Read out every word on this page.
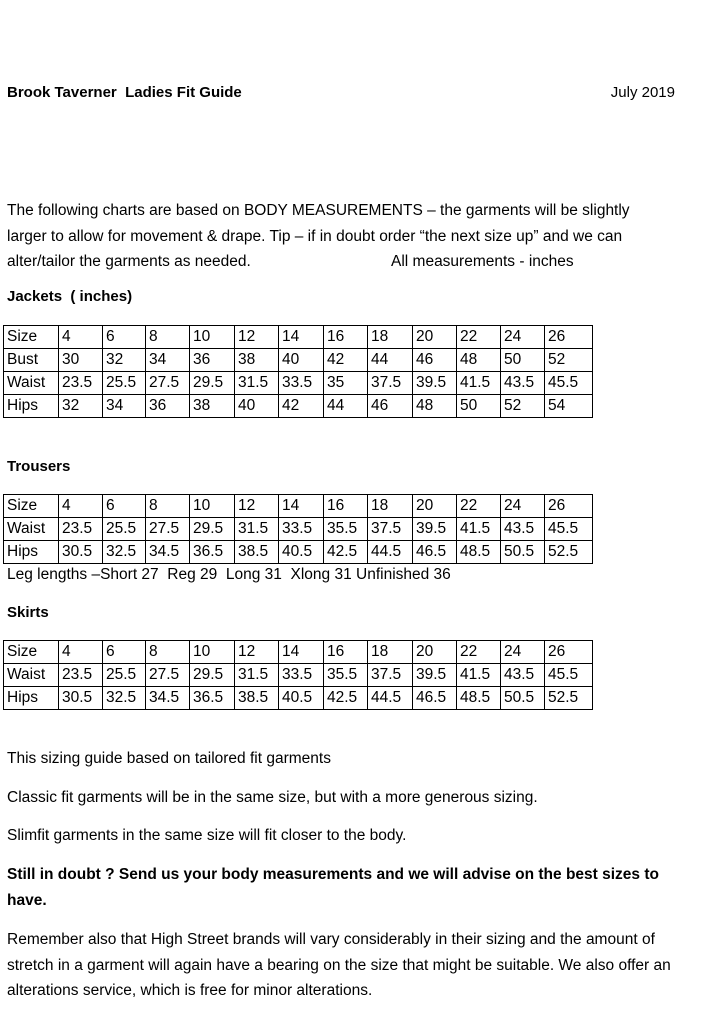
Brook Taverner  Ladies Fit Guide	July 2019
The following charts are based on BODY MEASUREMENTS – the garments will be slightly
larger to allow for movement & drape. Tip – if in doubt order “the next size up” and we can
alter/tailor the garments as needed.	All measurements - inches
Jackets  ( inches)
Size	4	6	8	10	12	14	16	18	20	22	24	26
Bust	30	32	34	36	38	40	42	44	46	48	50	52
Waist	23.5	25.5	27.5	29.5	31.5	33.5	35	37.5	39.5	41.5	43.5	45.5
Hips	32	34	36	38	40	42	44	46	48	50	52	54
Trousers
Size	4	6	8	10	12	14	16	18	20	22	24	26
Waist	23.5	25.5	27.5	29.5	31.5	33.5	35.5	37.5	39.5	41.5	43.5	45.5
Hips	30.5	32.5	34.5	36.5	38.5	40.5	42.5	44.5	46.5	48.5	50.5	52.5
Leg lengths –Short 27  Reg 29  Long 31  Xlong 31 Unfinished 36
Skirts
Size	4	6	8	10	12	14	16	18	20	22	24	26
Waist	23.5	25.5	27.5	29.5	31.5	33.5	35.5	37.5	39.5	41.5	43.5	45.5
Hips	30.5	32.5	34.5	36.5	38.5	40.5	42.5	44.5	46.5	48.5	50.5	52.5
This sizing guide based on tailored fit garments
Classic fit garments will be in the same size, but with a more generous sizing.
Slimfit garments in the same size will fit closer to the body.
Still in doubt ? Send us your body measurements and we will advise on the best sizes to have.
Remember also that High Street brands will vary considerably in their sizing and the amount of stretch in a garment will again have a bearing on the size that might be suitable. We also offer an alterations service, which is free for minor alterations.
